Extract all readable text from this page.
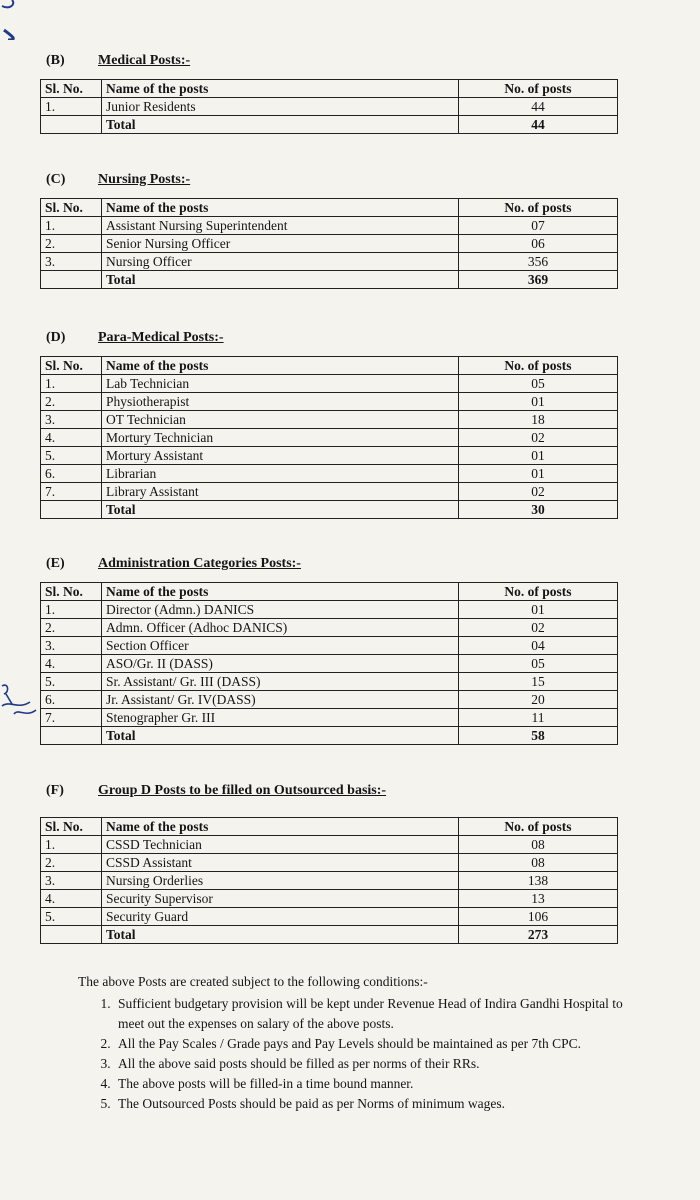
(B) Medical Posts:-
Sl. No.	Name of the posts	No. of posts
1.	Junior Residents	44
	Total	44
(C) Nursing Posts:-
Sl. No.	Name of the posts	No. of posts
1.	Assistant Nursing Superintendent	07
2.	Senior Nursing Officer	06
3.	Nursing Officer	356
	Total	369
(D) Para-Medical Posts:-
Sl. No.	Name of the posts	No. of posts
1.	Lab Technician	05
2.	Physiotherapist	01
3.	OT Technician	18
4.	Mortury Technician	02
5.	Mortury Assistant	01
6.	Librarian	01
7.	Library Assistant	02
	Total	30
(E) Administration Categories Posts:-
Sl. No.	Name of the posts	No. of posts
1.	Director (Admn.) DANICS	01
2.	Admn. Officer (Adhoc DANICS)	02
3.	Section Officer	04
4.	ASO/Gr. II (DASS)	05
5.	Sr. Assistant/ Gr. III (DASS)	15
6.	Jr. Assistant/ Gr. IV(DASS)	20
7.	Stenographer Gr. III	11
	Total	58
(F) Group D Posts to be filled on Outsourced basis:-
Sl. No.	Name of the posts	No. of posts
1.	CSSD Technician	08
2.	CSSD Assistant	08
3.	Nursing Orderlies	138
4.	Security Supervisor	13
5.	Security Guard	106
	Total	273
The above Posts are created subject to the following conditions:-
1. Sufficient budgetary provision will be kept under Revenue Head of Indira Gandhi Hospital to meet out the expenses on salary of the above posts.
2. All the Pay Scales / Grade pays and Pay Levels should be maintained as per 7th CPC.
3. All the above said posts should be filled as per norms of their RRs.
4. The above posts will be filled-in a time bound manner.
5. The Outsourced Posts should be paid as per Norms of minimum wages.
